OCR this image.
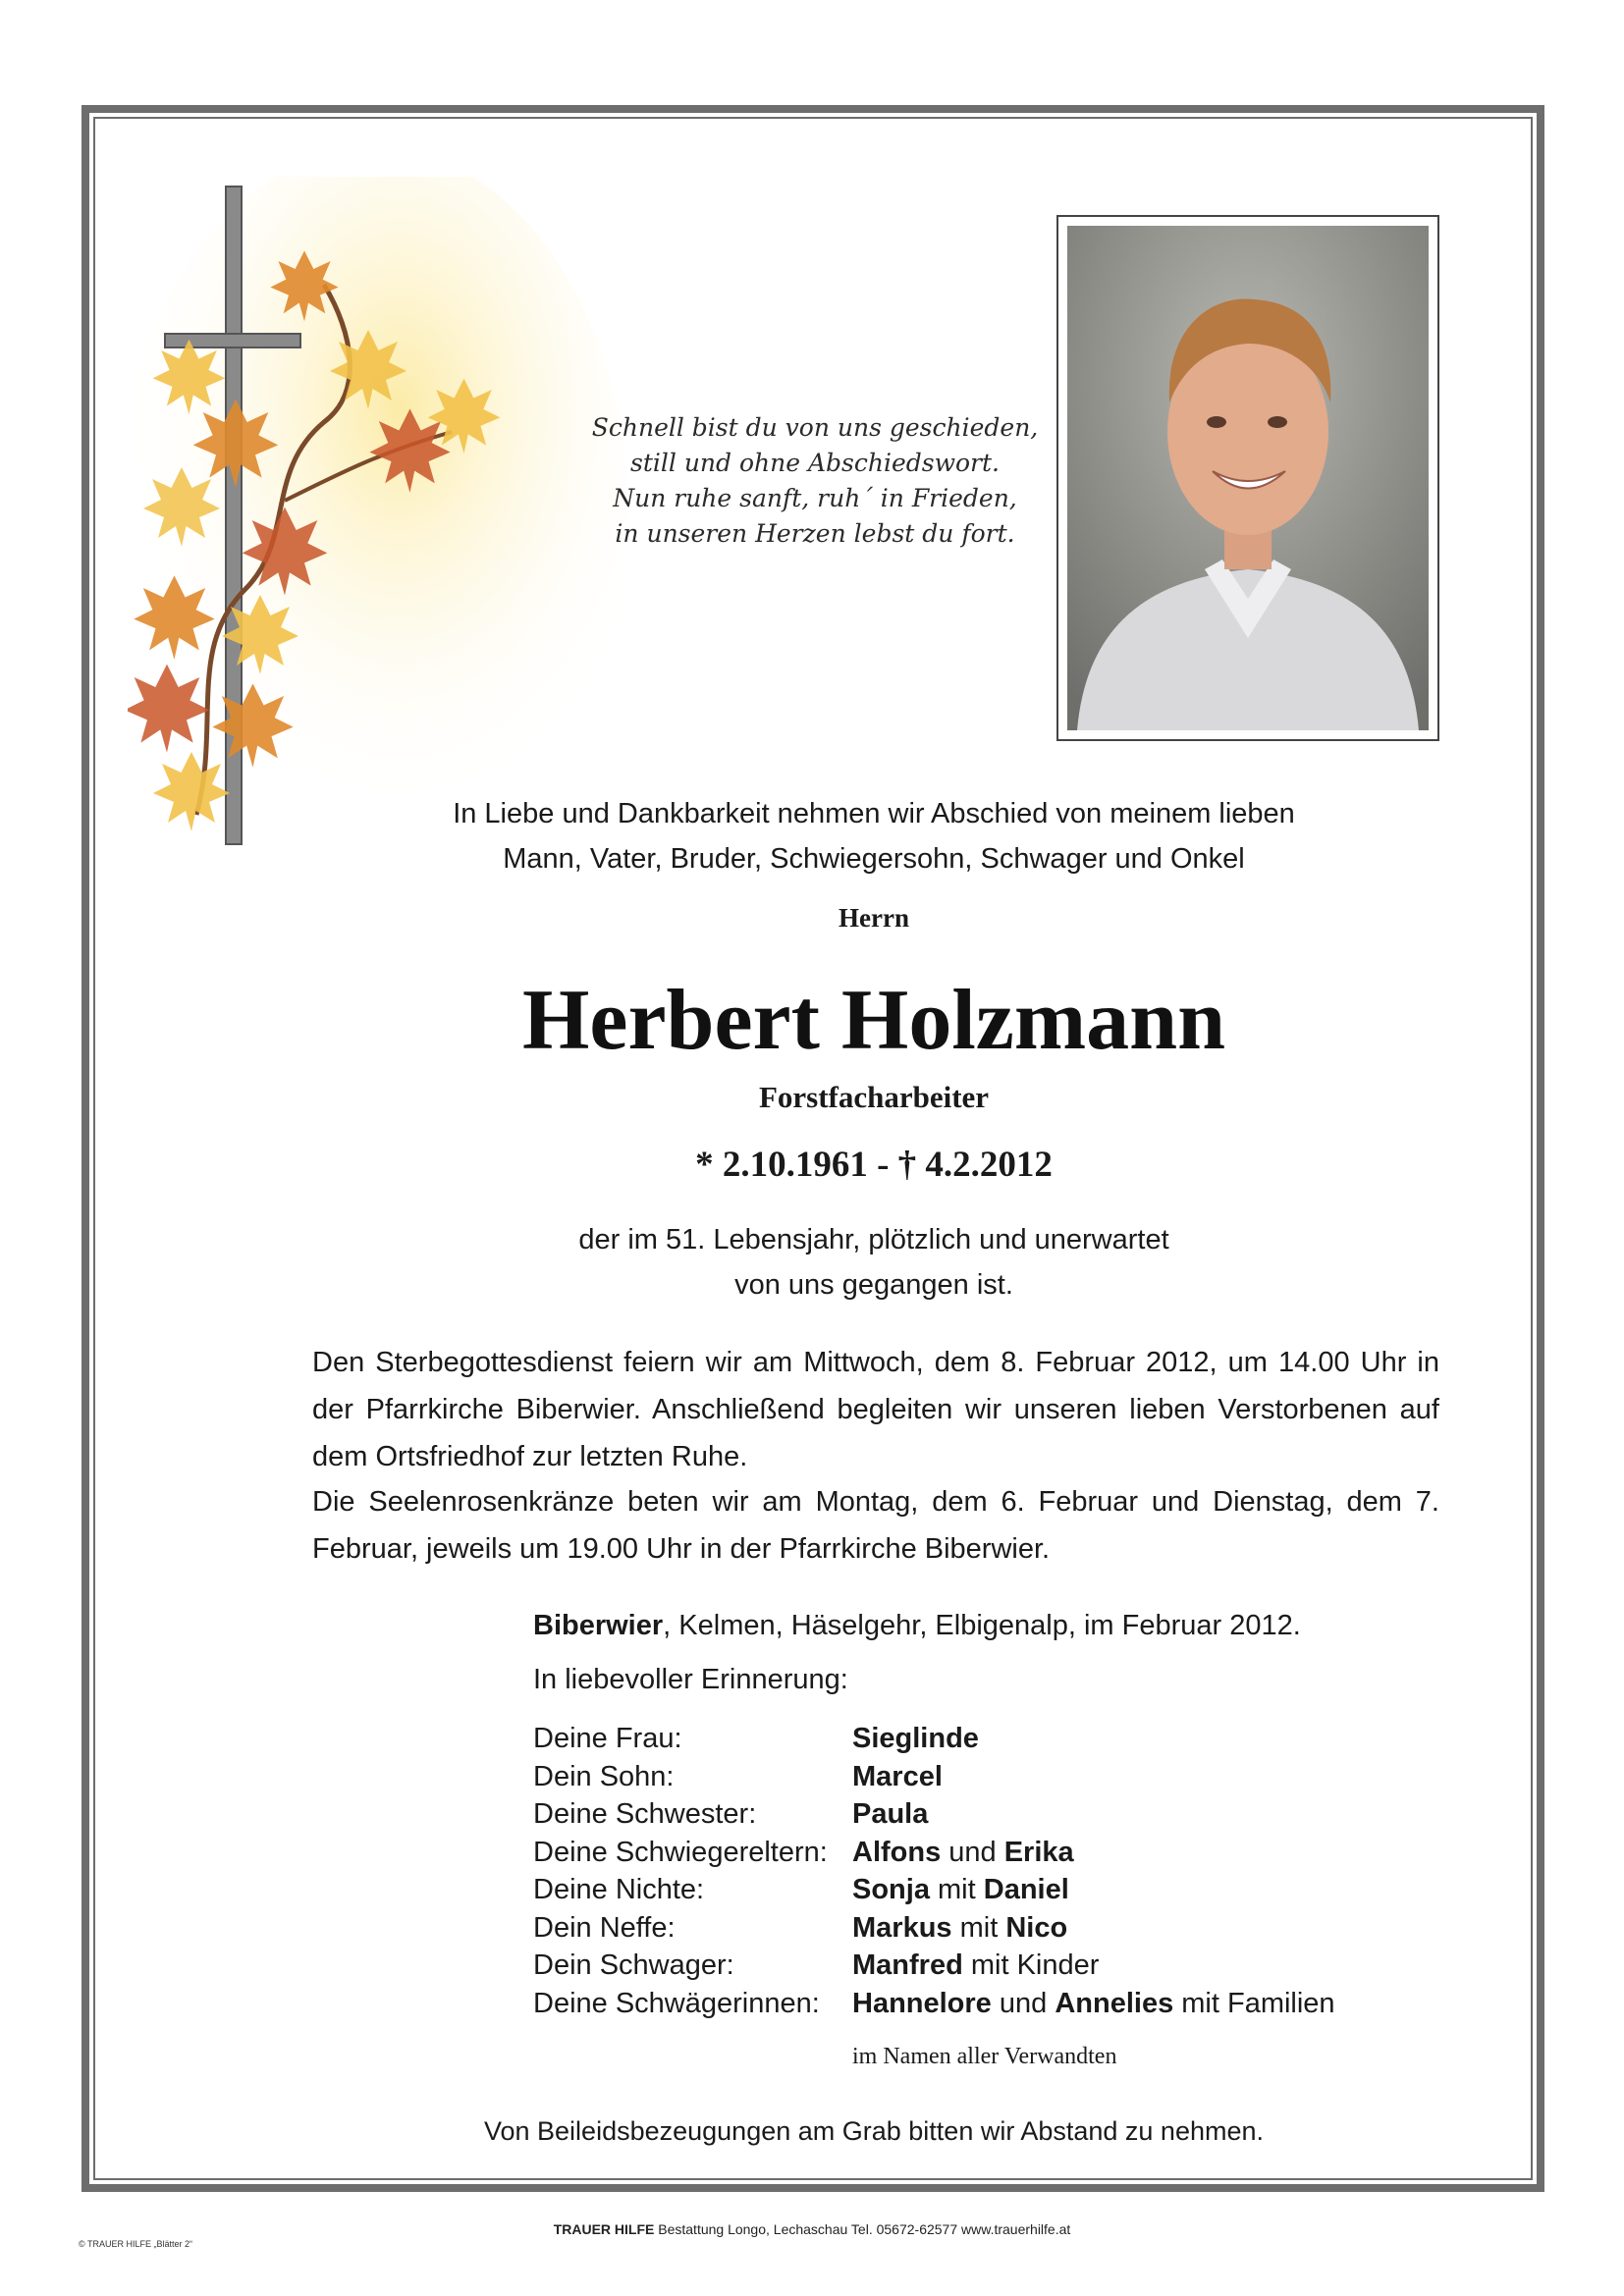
Schnell bist du von uns geschieden,
still und ohne Abschiedswort.
Nun ruhe sanft, ruh´ in Frieden,
in unseren Herzen lebst du fort.
In Liebe und Dankbarkeit nehmen wir Abschied von meinem lieben
Mann, Vater, Bruder, Schwiegersohn, Schwager und Onkel
Herrn
Herbert Holzmann
Forstfacharbeiter
* 2.10.1961 - † 4.2.2012
der im 51. Lebensjahr, plötzlich und unerwartet
von uns gegangen ist.
Den Sterbegottesdienst feiern wir am Mittwoch, dem 8. Februar 2012, um 14.00 Uhr in der Pfarrkirche Biberwier. Anschließend begleiten wir unseren lieben Verstorbenen auf dem Ortsfriedhof zur letzten Ruhe.
Die Seelenrosenkränze beten wir am Montag, dem 6. Februar und Dienstag, dem 7. Februar, jeweils um 19.00 Uhr in der Pfarrkirche Biberwier.
Biberwier, Kelmen, Häselgehr, Elbigenalp, im Februar 2012.
In liebevoller Erinnerung:
Deine Frau:	Sieglinde
Dein Sohn:	Marcel
Deine Schwester:	Paula
Deine Schwiegereltern: Alfons und Erika
Deine Nichte:	Sonja mit Daniel
Dein Neffe:	Markus mit Nico
Dein Schwager:	Manfred mit Kinder
Deine Schwägerinnen:	Hannelore und Annelies mit Familien
im Namen aller Verwandten
Von Beileidsbezeugungen am Grab bitten wir Abstand zu nehmen.
TRAUER HILFE Bestattung Longo, Lechaschau Tel. 05672-62577 www.trauerhilfe.at
© TRAUER HILFE „Blätter 2“
